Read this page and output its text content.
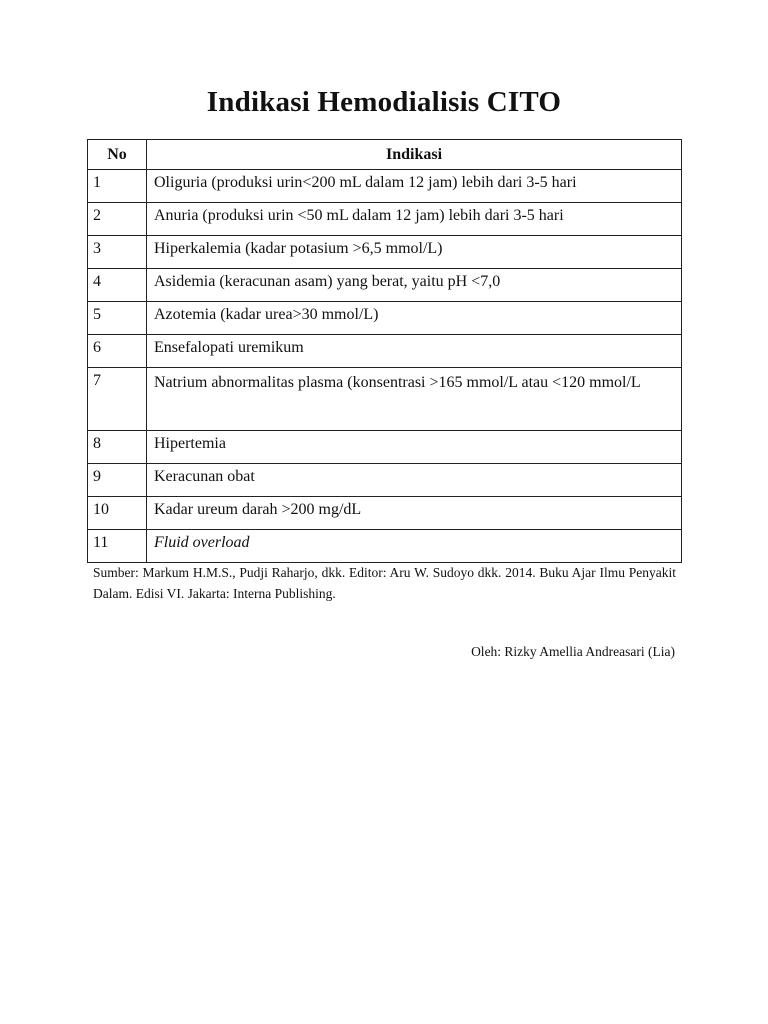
Indikasi Hemodialisis CITO
No	Indikasi
1	Oliguria (produksi urin<200 mL dalam 12 jam) lebih dari 3-5 hari
2	Anuria (produksi urin <50 mL dalam 12 jam) lebih dari 3-5 hari
3	Hiperkalemia (kadar potasium >6,5 mmol/L)
4	Asidemia (keracunan asam) yang berat, yaitu pH <7,0
5	Azotemia (kadar urea>30 mmol/L)
6	Ensefalopati uremikum
7	Natrium abnormalitas plasma (konsentrasi >165 mmol/L atau <120 mmol/L
8	Hipertemia
9	Keracunan obat
10	Kadar ureum darah >200 mg/dL
11	Fluid overload
Sumber: Markum H.M.S., Pudji Raharjo, dkk. Editor: Aru W. Sudoyo dkk. 2014. Buku Ajar Ilmu Penyakit Dalam. Edisi VI. Jakarta: Interna Publishing.
Oleh: Rizky Amellia Andreasari (Lia)
